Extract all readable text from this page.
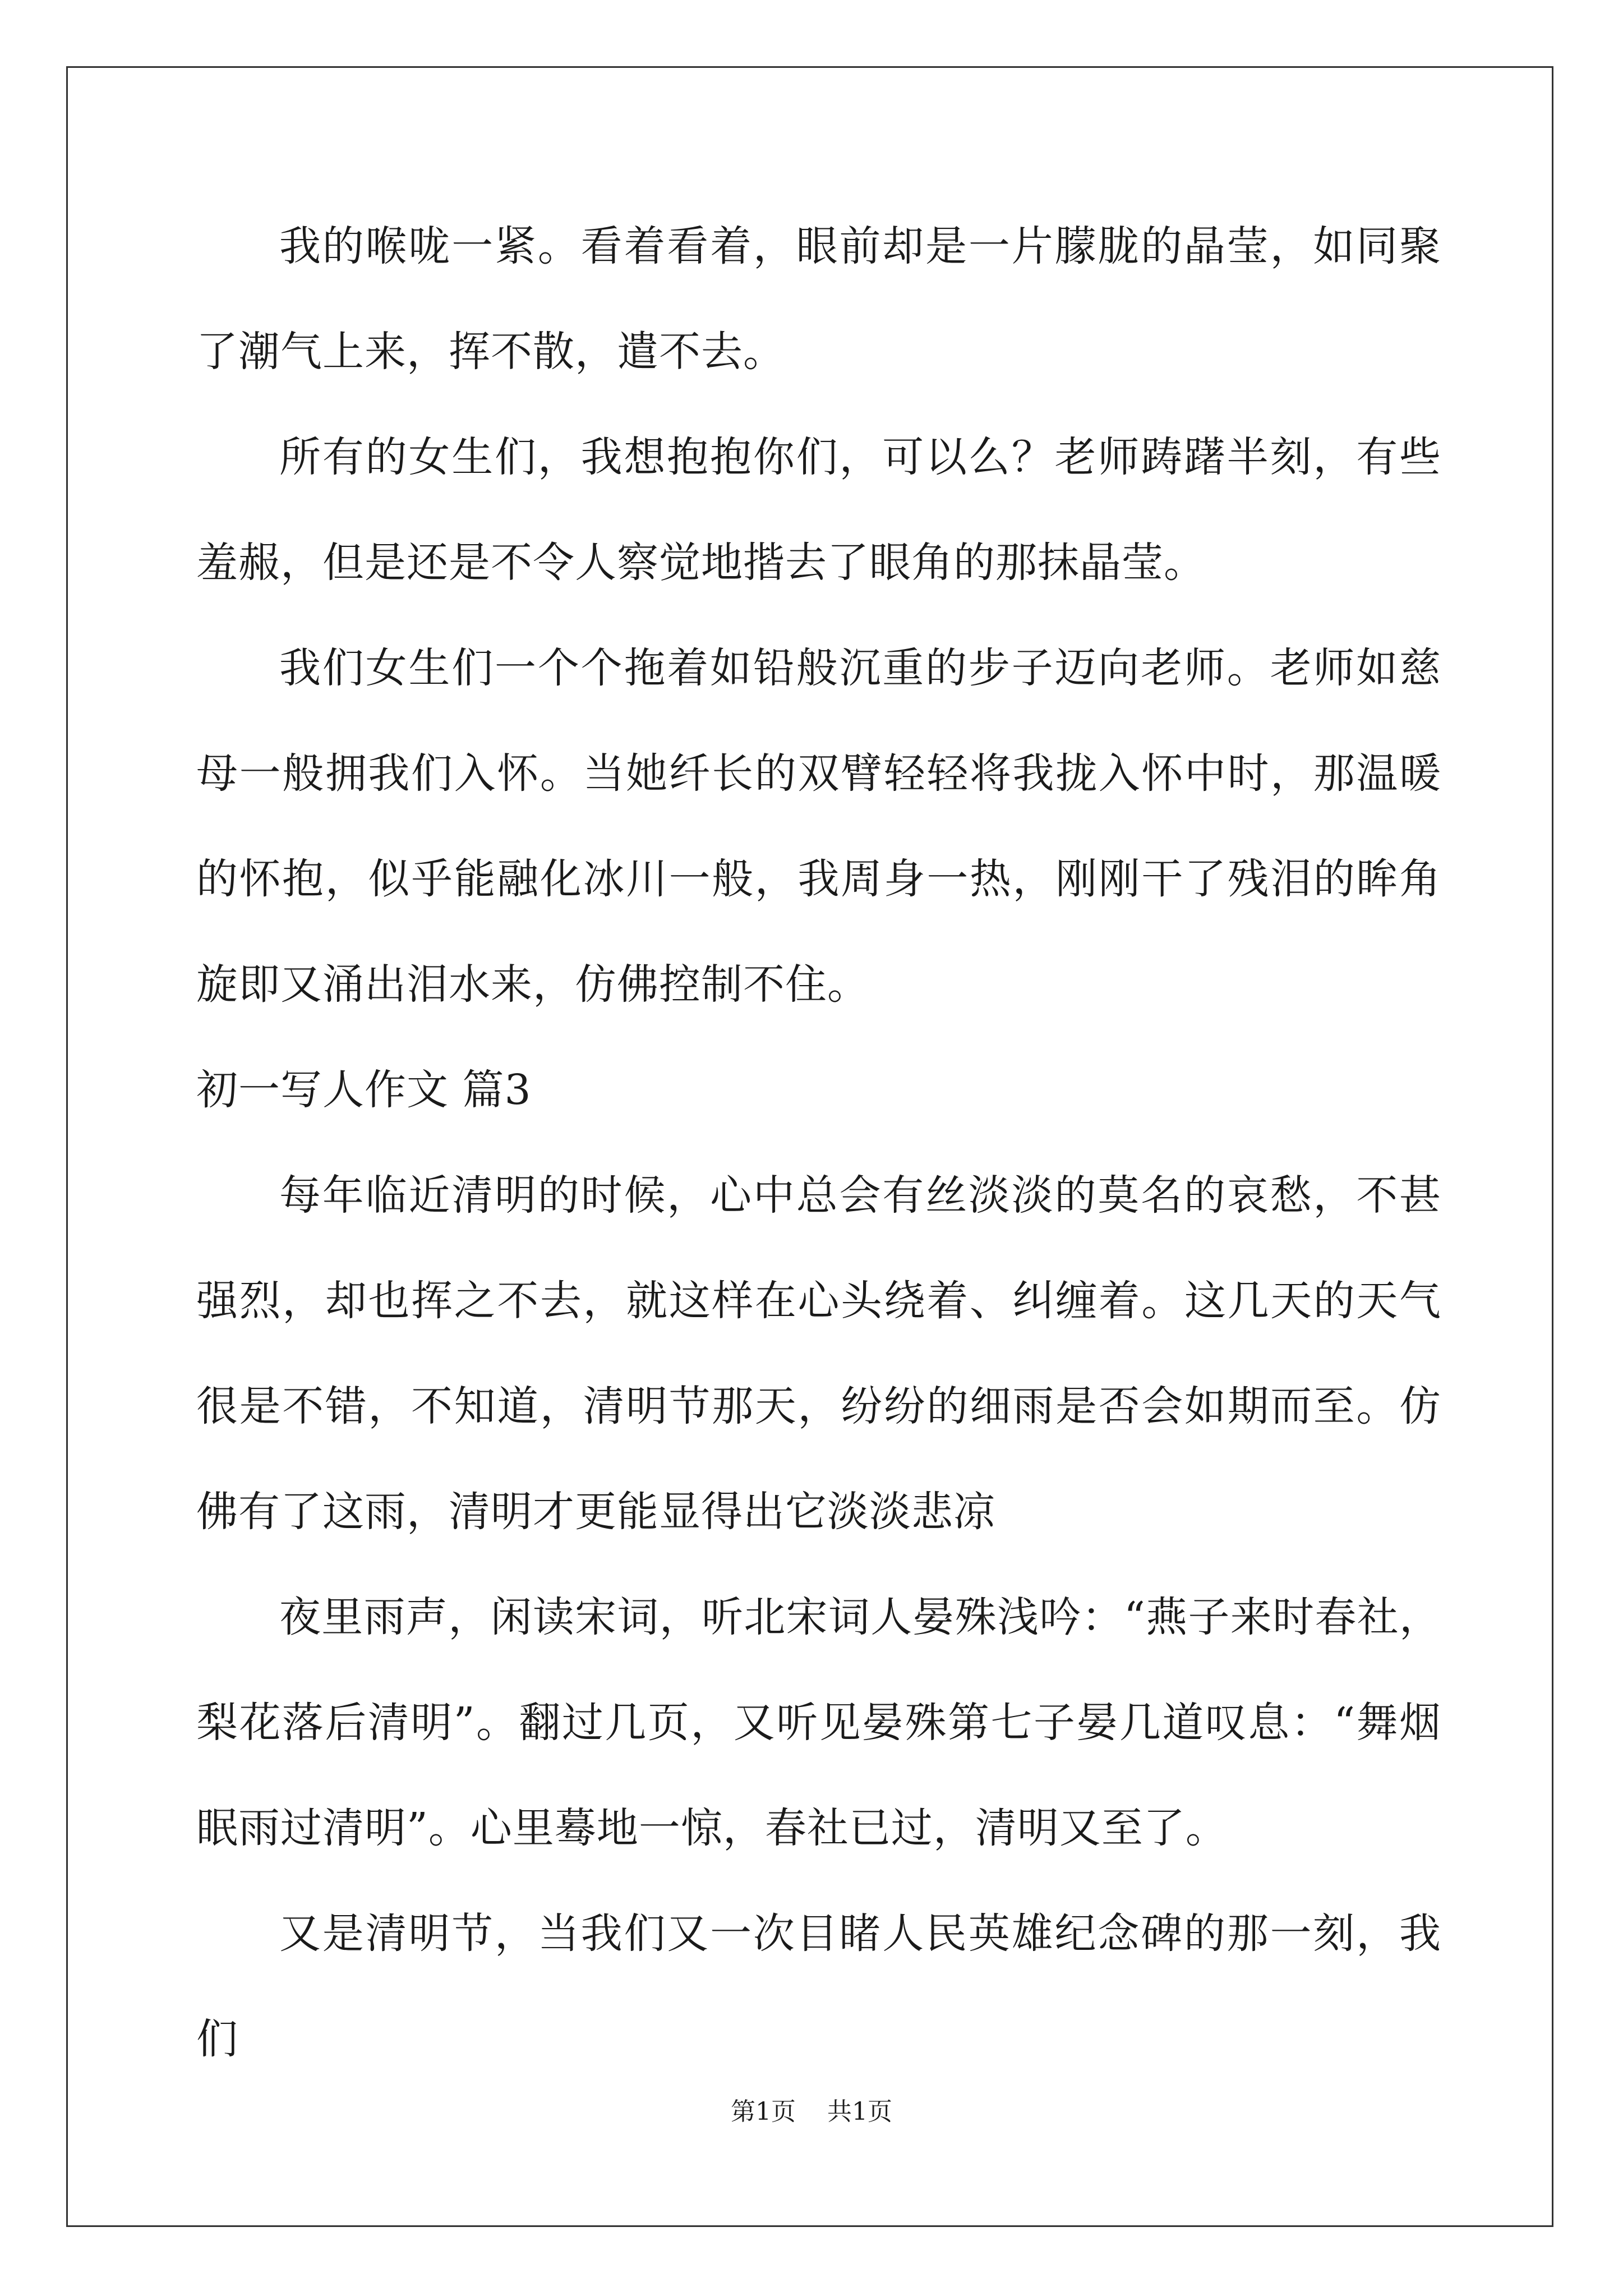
我的喉咙一紧。看着看着，眼前却是一片朦胧的晶莹，如同聚了潮气上来，挥不散，遣不去。

所有的女生们，我想抱抱你们，可以么？老师踌躇半刻，有些羞赧，但是还是不令人察觉地揩去了眼角的那抹晶莹。

我们女生们一个个拖着如铅般沉重的步子迈向老师。老师如慈母一般拥我们入怀。当她纤长的双臂轻轻将我拢入怀中时，那温暖的怀抱，似乎能融化冰川一般，我周身一热，刚刚干了残泪的眸角旋即又涌出泪水来，仿佛控制不住。

初一写人作文 篇3

每年临近清明的时候，心中总会有丝淡淡的莫名的哀愁，不甚强烈，却也挥之不去，就这样在心头绕着、纠缠着。这几天的天气很是不错，不知道，清明节那天，纷纷的细雨是否会如期而至。仿佛有了这雨，清明才更能显得出它淡淡悲凉

夜里雨声，闲读宋词，听北宋词人晏殊浅吟：“燕子来时春社，梨花落后清明”。翻过几页，又听见晏殊第七子晏几道叹息：“舞烟眠雨过清明”。心里蓦地一惊，春社已过，清明又至了。

又是清明节，当我们又一次目睹人民英雄纪念碑的那一刻，我们

第1页 共1页
